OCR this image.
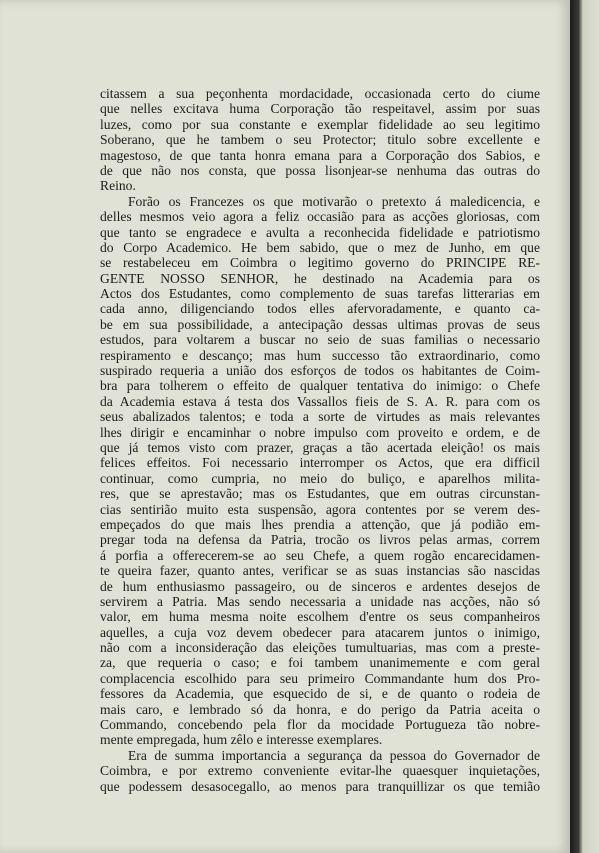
citassem a sua peçonhenta mordacidade, occasionada certo do ciume
que nelles excitava huma Corporação tão respeitavel, assim por suas
luzes, como por sua constante e exemplar fidelidade ao seu legitimo
Soberano, que he tambem o seu Protector; titulo sobre excellente e
magestoso, de que tanta honra emana para a Corporação dos Sabios, e
de que não nos consta, que possa lisonjear-se nenhuma das outras do
Reino.
Forão os Francezes os que motivarão o pretexto á maledicencia, e
delles mesmos veio agora a feliz occasião para as acções gloriosas, com
que tanto se engradece e avulta a reconhecida fidelidade e patriotismo
do Corpo Academico. He bem sabido, que o mez de Junho, em que
se restabeleceu em Coimbra o legitimo governo do PRINCIPE RE-
GENTE NOSSO SENHOR, he destinado na Academia para os
Actos dos Estudantes, como complemento de suas tarefas litterarias em
cada anno, diligenciando todos elles afervoradamente, e quanto ca-
be em sua possibilidade, a antecipação dessas ultimas provas de seus
estudos, para voltarem a buscar no seio de suas familias o necessario
respiramento e descanço; mas hum successo tão extraordinario, como
suspirado requeria a união dos esforços de todos os habitantes de Coim-
bra para tolherem o effeito de qualquer tentativa do inimigo: o Chefe
da Academia estava á testa dos Vassallos fieis de S. A. R. para com os
seus abalizados talentos; e toda a sorte de virtudes as mais relevantes
lhes dirigir e encaminhar o nobre impulso com proveito e ordem, e de
que já temos visto com prazer, graças a tão acertada eleição! os mais
felices effeitos. Foi necessario interromper os Actos, que era difficil
continuar, como cumpria, no meio do buliço, e aparelhos milita-
res, que se aprestavão; mas os Estudantes, que em outras circunstan-
cias sentirião muito esta suspensão, agora contentes por se verem des-
empeçados do que mais lhes prendia a attenção, que já podião em-
pregar toda na defensa da Patria, trocão os livros pelas armas, correm
á porfia a offerecerem-se ao seu Chefe, a quem rogão encarecidamen-
te queira fazer, quanto antes, verificar se as suas instancias são nascidas
de hum enthusiasmo passageiro, ou de sinceros e ardentes desejos de
servirem a Patria. Mas sendo necessaria a unidade nas acções, não só
valor, em huma mesma noite escolhem d'entre os seus companheiros
aquelles, a cuja voz devem obedecer para atacarem juntos o inimigo,
não com a inconsideração das eleições tumultuarias, mas com a preste-
za, que requeria o caso; e foi tambem unanimemente e com geral
complacencia escolhido para seu primeiro Commandante hum dos Pro-
fessores da Academia, que esquecido de si, e de quanto o rodeia de
mais caro, e lembrado só da honra, e do perigo da Patria aceita o
Commando, concebendo pela flor da mocidade Portugueza tão nobre-
mente empregada, hum zêlo e interesse exemplares.
Era de summa importancia a segurança da pessoa do Governador de
Coimbra, e por extremo conveniente evitar-lhe quaesquer inquietações,
que podessem desasocegallo, ao menos para tranquillizar os que temião
